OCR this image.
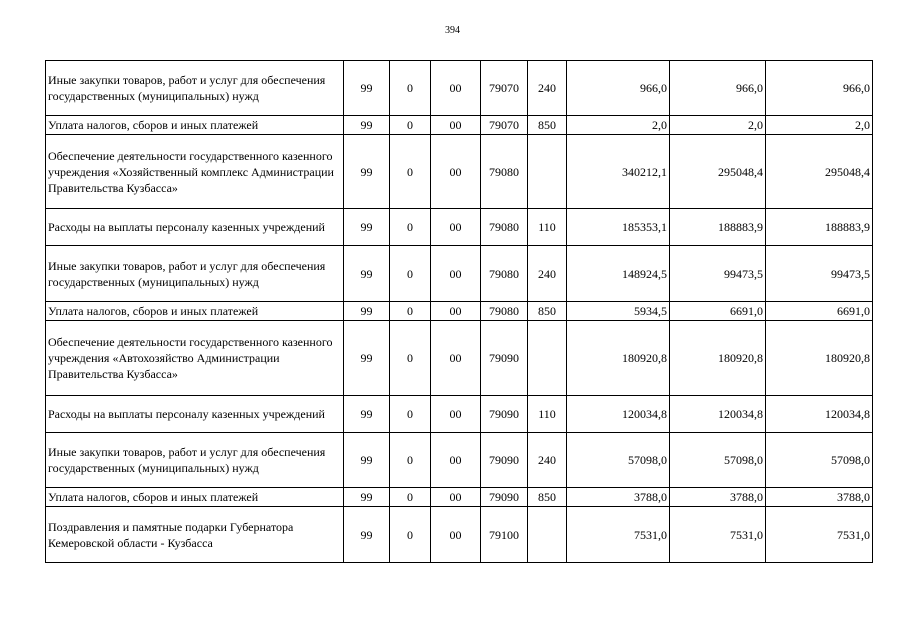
394
Иные закупки товаров, работ и услуг для обеспечения государственных (муниципальных) нужд	99	0	00	79070	240	966,0	966,0	966,0
Уплата налогов, сборов и иных платежей	99	0	00	79070	850	2,0	2,0	2,0
Обеспечение деятельности государственного казенного учреждения «Хозяйственный комплекс Администрации Правительства Кузбасса»	99	0	00	79080		340212,1	295048,4	295048,4
Расходы на выплаты персоналу казенных учреждений	99	0	00	79080	110	185353,1	188883,9	188883,9
Иные закупки товаров, работ и услуг для обеспечения государственных (муниципальных) нужд	99	0	00	79080	240	148924,5	99473,5	99473,5
Уплата налогов, сборов и иных платежей	99	0	00	79080	850	5934,5	6691,0	6691,0
Обеспечение деятельности государственного казенного учреждения «Автохозяйство Администрации Правительства Кузбасса»	99	0	00	79090		180920,8	180920,8	180920,8
Расходы на выплаты персоналу казенных учреждений	99	0	00	79090	110	120034,8	120034,8	120034,8
Иные закупки товаров, работ и услуг для обеспечения государственных (муниципальных) нужд	99	0	00	79090	240	57098,0	57098,0	57098,0
Уплата налогов, сборов и иных платежей	99	0	00	79090	850	3788,0	3788,0	3788,0
Поздравления и памятные подарки Губернатора Кемеровской области - Кузбасса	99	0	00	79100		7531,0	7531,0	7531,0
